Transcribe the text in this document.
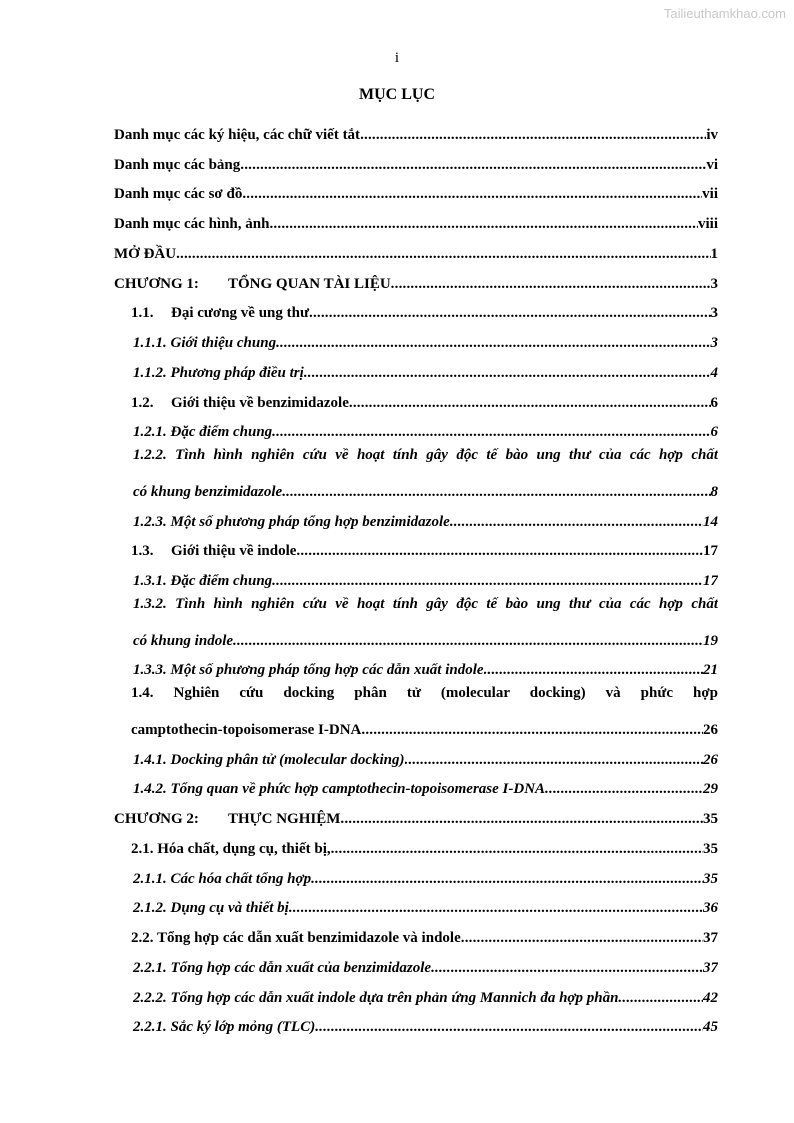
Tailieuthamkhao.com
i
MỤC LỤC
Danh mục các ký hiệu, các chữ viết tắt .....	iv
Danh mục các bảng .....	vi
Danh mục các sơ đồ .....	vii
Danh mục các hình, ảnh .....	viii
MỞ ĐẦU .....	1
CHƯƠNG 1: TỔNG QUAN TÀI LIỆU .....	3
1.1. Đại cương về ung thư .....	3
1.1.1. Giới thiệu chung .....	3
1.1.2. Phương pháp điều trị .....	4
1.2. Giới thiệu về benzimidazole .....	6
1.2.1. Đặc điểm chung .....	6
1.2.2. Tình hình nghiên cứu về hoạt tính gây độc tế bào ung thư của các hợp chất
có khung benzimidazole .....	8
1.2.3. Một số phương pháp tổng hợp benzimidazole .....	14
1.3. Giới thiệu về indole .....	17
1.3.1. Đặc điểm chung .....	17
1.3.2. Tình hình nghiên cứu về hoạt tính gây độc tế bào ung thư của các hợp chất
có khung indole .....	19
1.3.3. Một số phương pháp tổng hợp các dẫn xuất indole .....	21
1.4. Nghiên cứu docking phân tử (molecular docking) và phức hợp
camptothecin-topoisomerase I-DNA .....	26
1.4.1. Docking phân tử (molecular docking) .....	26
1.4.2. Tổng quan về phức hợp camptothecin-topoisomerase I-DNA .....	29
CHƯƠNG 2: THỰC NGHIỆM .....	35
2.1. Hóa chất, dụng cụ, thiết bị, .....	35
2.1.1. Các hóa chất tổng hợp .....	35
2.1.2. Dụng cụ và thiết bị .....	36
2.2. Tổng hợp các dẫn xuất benzimidazole và indole .....	37
2.2.1. Tổng hợp các dẫn xuất của benzimidazole .....	37
2.2.2. Tổng hợp các dẫn xuất indole dựa trên phản ứng Mannich đa hợp phần .....	42
2.2.1. Sắc ký lớp mỏng (TLC) .....	45
